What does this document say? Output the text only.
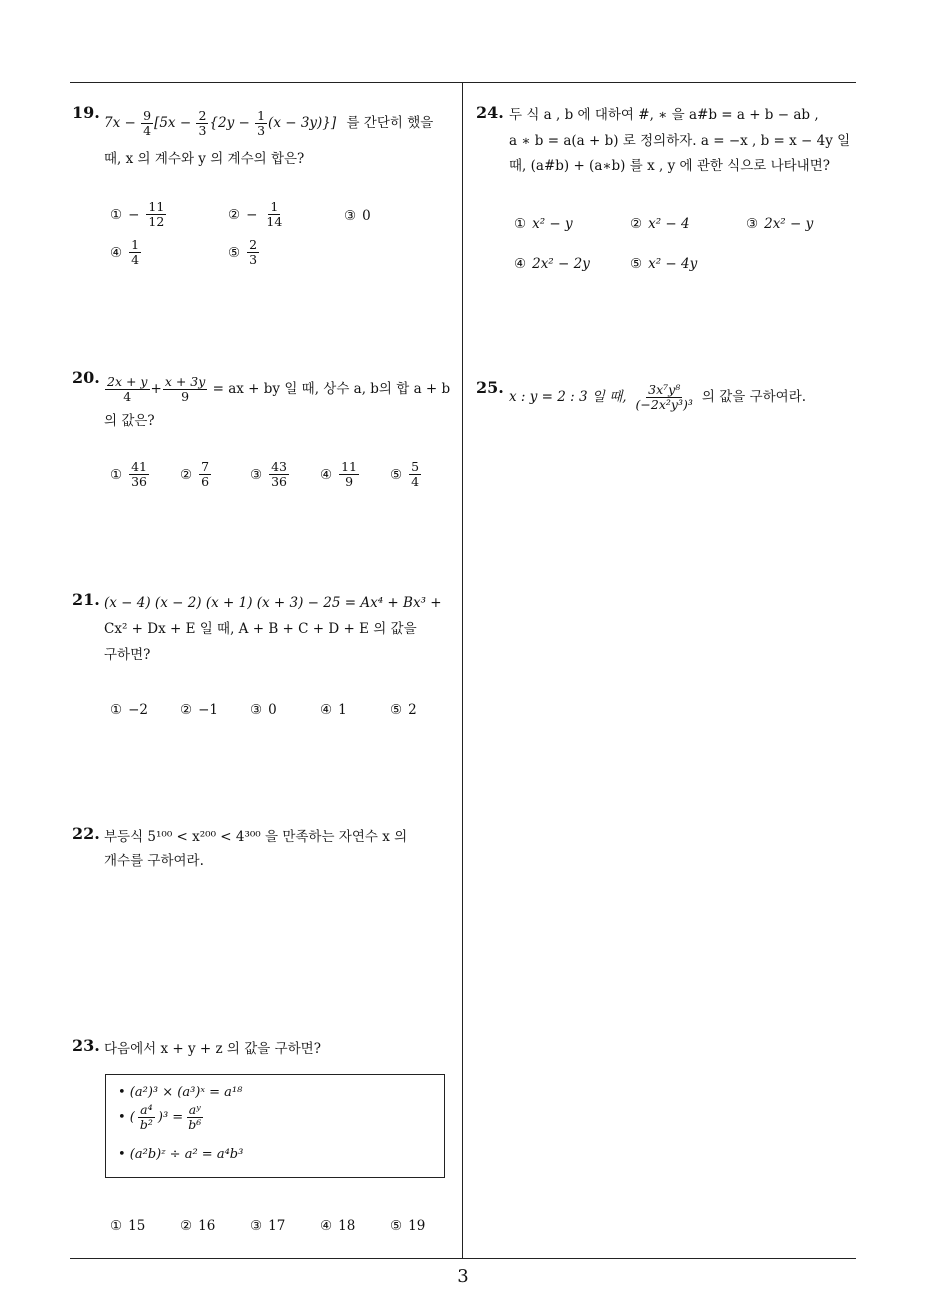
19.
$7x - \frac{9}{4} [5x - \frac{2}{3} \{2y - \frac{1}{3} (x - 3y)\}]$ 를 간단히 했을
때, x 의 계수와 y 의 계수의 합은?
① − $\frac{11}{12}$	② − $\frac{1}{14}$	③ 0
④ $\frac{1}{4}$	⑤ $\frac{2}{3}$
20. $\frac{2x + y}{4} + \frac{x + 3y}{9}$ = ax + by 일 때, 상수 a, b의 합 a + b
의 값은?
① $\frac{41}{36}$ ② $\frac{7}{6}$	③ $\frac{43}{36}$ ④ $\frac{11}{9}$ ⑤ $\frac{5}{4}$
21. (x − 4) (x − 2) (x + 1) (x + 3) − 25 = Ax⁴ + Bx³ +
Cx² + Dx + E 일 때, A + B + C + D + E 의 값을
구하면?
① −2 ② −1 ③ 0	④ 1	⑤ 2
22. 부등식 5¹⁰⁰ < x²⁰⁰ < 4³⁰⁰ 을 만족하는 자연수 x 의
개수를 구하여라.
23. 다음에서 x + y + z 의 값을 구하면?
• (a²)³ × (a³)ˣ = a¹⁸
• ( $\frac{\text{a⁴}}{\text{b²}} )^3 = \frac{\text{aʸ}}{\text{b⁶}}$
• (a²b)ᶻ ÷ a² = a⁴b³
① 15	② 16	③ 17	④ 18	⑤ 19
24. 두 식 a , b 에 대하여 #, ∗ 을 a#b = a + b − ab ,
a ∗ b = a(a + b) 로 정의하자. a = −x , b = x − 4y 일
때, (a#b) + (a∗b) 를 x , y 에 관한 식으로 나타내면?
① x² − y	② x² − 4	③ 2x² − y
④ 2x² − 2y	⑤ x² − 4y
25. x : y = 2 : 3 일 때, $\frac{\text{3x⁷y⁸}}{\text{(−2x²y³)³}}$ 의 값을 구하여라.
3
